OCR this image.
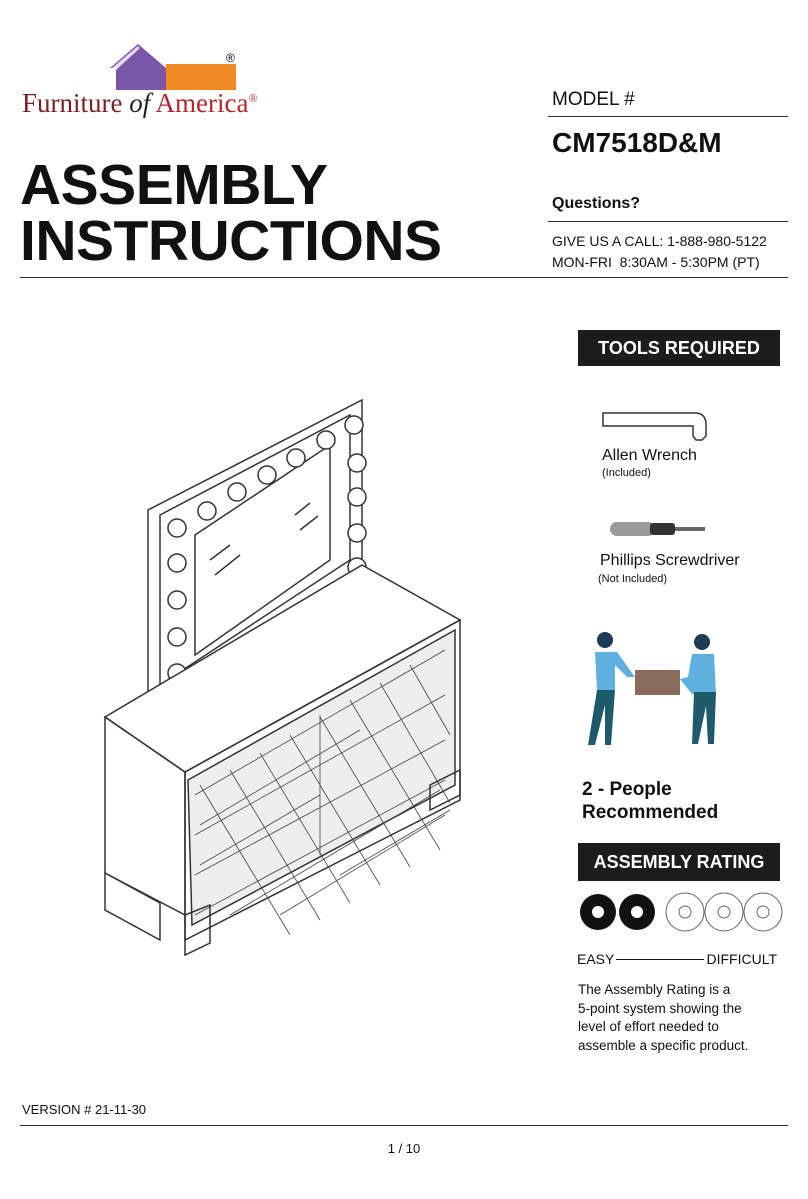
®
Furniture of America®
ASSEMBLY
INSTRUCTIONS
MODEL #
CM7518D&M
Questions?
GIVE US A CALL: 1-888-980-5122
MON-FRI  8:30AM - 5:30PM (PT)
TOOLS REQUIRED
Allen Wrench
(Included)
Phillips Screwdriver
(Not Included)
2 - People
Recommended
ASSEMBLY RATING
EASY	DIFFICULT
The Assembly Rating is a
5-point system showing the
level of effort needed to
assemble a specific product.
VERSION # 21-11-30
1 / 10
